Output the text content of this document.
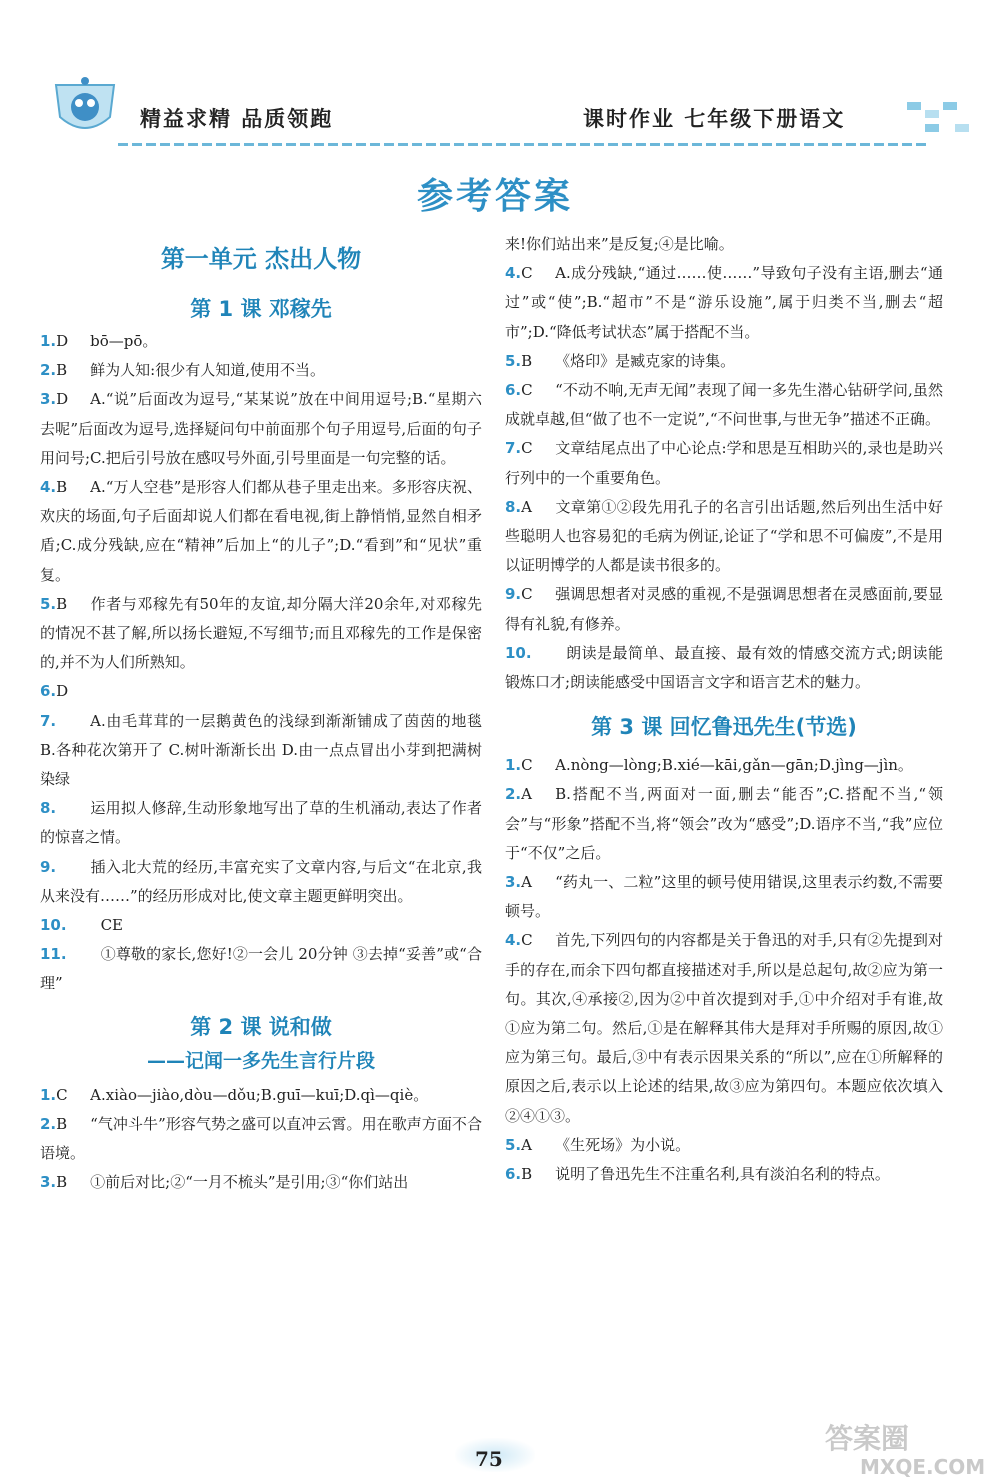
精益求精 品质领跑	课时作业 七年级下册语文
参考答案
第一单元 杰出人物
第 1 课 邓稼先

1.D bō—pō。

2.B 鲜为人知:很少有人知道,使用不当。

3.D A.“说”后面改为逗号,“某某说”放在中间用逗号;B.“星期六去呢”后面改为逗号,选择疑问句中前面那个句子用逗号,后面的句子用问号;C.把后引号放在感叹号外面,引号里面是一句完整的话。

4.B A.“万人空巷”是形容人们都从巷子里走出来。多形容庆祝、欢庆的场面,句子后面却说人们都在看电视,街上静悄悄,显然自相矛盾;C.成分残缺,应在“精神”后加上“的儿子”;D.“看到”和“见状”重复。

5.B 作者与邓稼先有50年的友谊,却分隔大洋20余年,对邓稼先的情况不甚了解,所以扬长避短,不写细节;而且邓稼先的工作是保密的,并不为人们所熟知。

6.D

7. A.由毛茸茸的一层鹅黄色的浅绿到渐渐铺成了茵茵的地毯 B.各种花次第开了 C.树叶渐渐长出 D.由一点点冒出小芽到把满树染绿

8. 运用拟人修辞,生动形象地写出了草的生机涌动,表达了作者的惊喜之情。

9. 插入北大荒的经历,丰富充实了文章内容,与后文“在北京,我从来没有……”的经历形成对比,使文章主题更鲜明突出。

10. CE

11. ①尊敬的家长,您好!②一会儿 20分钟 ③去掉“妥善”或“合理”

第 2 课 说和做
——记闻一多先生言行片段

1.C A.xiào—jiào,dòu—dǒu;B.guī—kuī;D.qì—qiè。

2.B “气冲斗牛”形容气势之盛可以直冲云霄。用在歌声方面不合语境。

3.B ①前后对比;②“一月不梳头”是引用;③“你们站出

来!你们站出来”是反复;④是比喻。

4.C A.成分残缺,“通过……使……”导致句子没有主语,删去“通过”或“使”;B.“超市”不是“游乐设施”,属于归类不当,删去“超市”;D.“降低考试状态”属于搭配不当。

5.B 《烙印》是臧克家的诗集。

6.C “不动不响,无声无闻”表现了闻一多先生潜心钻研学问,虽然成就卓越,但“做了也不一定说”,“不问世事,与世无争”描述不正确。

7.C 文章结尾点出了中心论点:学和思是互相助兴的,录也是助兴行列中的一个重要角色。

8.A 文章第①②段先用孔子的名言引出话题,然后列出生活中好些聪明人也容易犯的毛病为例证,论证了“学和思不可偏废”,不是用以证明博学的人都是读书很多的。

9.C 强调思想者对灵感的重视,不是强调思想者在灵感面前,要显得有礼貌,有修养。

10. 朗读是最简单、最直接、最有效的情感交流方式;朗读能锻炼口才;朗读能感受中国语言文字和语言艺术的魅力。

第 3 课 回忆鲁迅先生(节选)

1.C A.nòng—lòng;B.xié—kāi,gǎn—gān;D.jìng—jìn。

2.A B.搭配不当,两面对一面,删去“能否”;C.搭配不当,“领会”与“形象”搭配不当,将“领会”改为“感受”;D.语序不当,“我”应位于“不仅”之后。

3.A “药丸一、二粒”这里的顿号使用错误,这里表示约数,不需要顿号。

4.C 首先,下列四句的内容都是关于鲁迅的对手,只有②先提到对手的存在,而余下四句都直接描述对手,所以是总起句,故②应为第一句。其次,④承接②,因为②中首次提到对手,①中介绍对手有谁,故①应为第二句。然后,①是在解释其伟大是拜对手所赐的原因,故①应为第三句。最后,③中有表示因果关系的“所以”,应在①所解释的原因之后,表示以上论述的结果,故③应为第四句。本题应依次填入②④①③。

5.A 《生死场》为小说。

6.B 说明了鲁迅先生不注重名利,具有淡泊名利的特点。

75
答案圈
MXQE.COM
